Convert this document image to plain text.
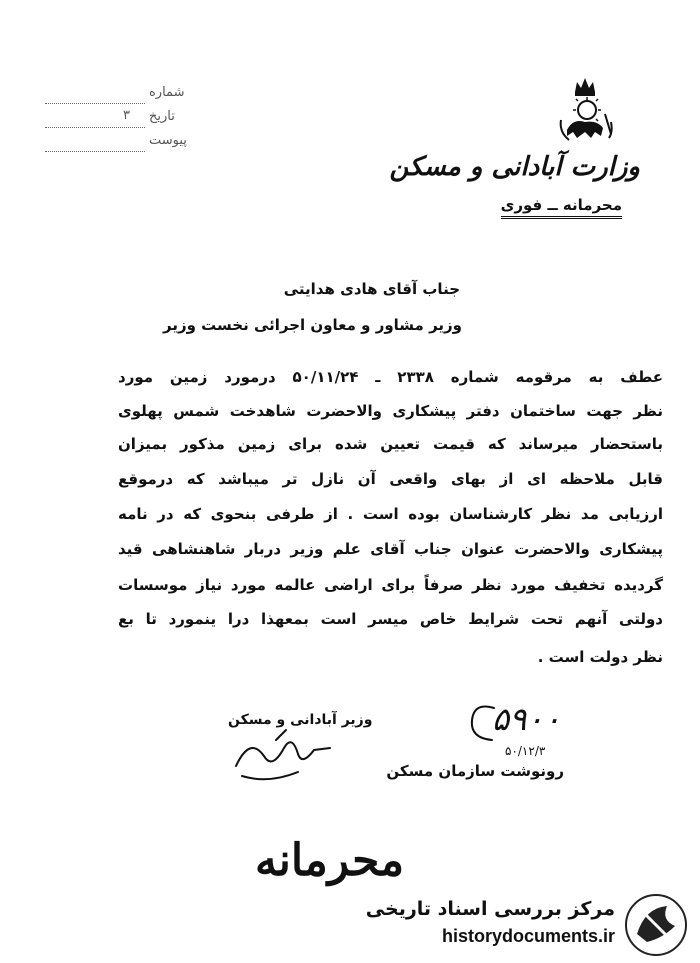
شماره
۳ تاریخ
پیوست
وزارت آبادانی و مسکن
محرمانه ــ فوری
جناب آقای هادی هدایتی
وزیر مشاور و معاون اجرائی نخست وزیر
عطف به مرقومه شماره ۲۳۳۸ ـ ۵۰/۱۱/۲۴ درمورد زمین مورد
نظر جهت ساختمان دفتر پیشکاری والاحضرت شاهدخت شمس پهلوی
باستحضار میرساند که قیمت تعیین شده برای زمین مذکور بمیزان
قابل ملاحظه ای از بهای واقعی آن نازل تر میباشد که درموقع
ارزیابی مد نظر کارشناسان بوده است . از طرفی بنحوی که در نامه
پیشکاری والاحضرت عنوان جناب آقای علم وزیر دربار شاهنشاهی قید
گردیده تخفیف مورد نظر صرفاً برای اراضی عالمه مورد نیاز موسسات
دولتی آنهم تحت شرایط خاص میسر است بمعهذا درا ینمورد تا بع
نظر دولت است .
وزیر آبادانی و مسکن	۵۹۰۰
۵۰/۱۲/۳
رونوشت سازمان مسکن
محرمانه
مرکز بررسی اسناد تاریخی
historydocuments.ir
